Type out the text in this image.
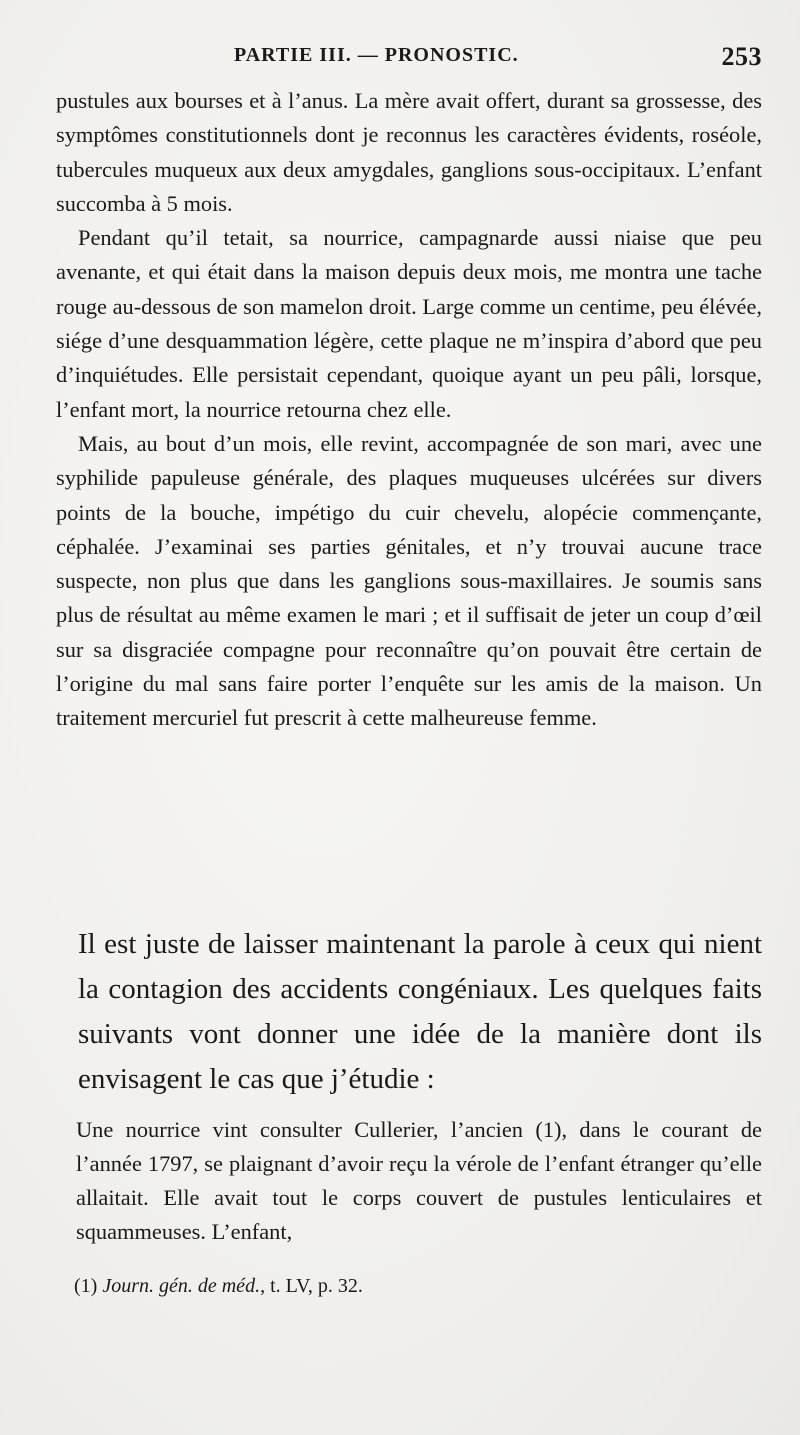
PARTIE III. — PRONOSTIC.	253

pustules aux bourses et à l’anus. La mère avait offert, durant sa grossesse, des symptômes constitutionnels dont je reconnus les caractères évidents, roséole, tubercules muqueux aux deux amygdales, ganglions sous-occipitaux. L’enfant succomba à 5 mois.

Pendant qu’il tetait, sa nourrice, campagnarde aussi niaise que peu avenante, et qui était dans la maison depuis deux mois, me montra une tache rouge au-dessous de son mamelon droit. Large comme un centime, peu élévée, siége d’une desquammation légère, cette plaque ne m’inspira d’abord que peu d’inquiétudes. Elle persistait cependant, quoique ayant un peu pâli, lorsque, l’enfant mort, la nourrice retourna chez elle.

Mais, au bout d’un mois, elle revint, accompagnée de son mari, avec une syphilide papuleuse générale, des plaques muqueuses ulcérées sur divers points de la bouche, impétigo du cuir chevelu, alopécie commençante, céphalée. J’examinai ses parties génitales, et n’y trouvai aucune trace suspecte, non plus que dans les ganglions sous-maxillaires. Je soumis sans plus de résultat au même examen le mari ; et il suffisait de jeter un coup d’œil sur sa disgraciée compagne pour reconnaître qu’on pouvait être certain de l’origine du mal sans faire porter l’enquête sur les amis de la maison. Un traitement mercuriel fut prescrit à cette malheureuse femme.

Il est juste de laisser maintenant la parole à ceux qui nient la contagion des accidents congéniaux. Les quelques faits suivants vont donner une idée de la manière dont ils envisagent le cas que j’étudie :

Une nourrice vint consulter Cullerier, l’ancien (1), dans le courant de l’année 1797, se plaignant d’avoir reçu la vérole de l’enfant étranger qu’elle allaitait. Elle avait tout le corps couvert de pustules lenticulaires et squammeuses. L’enfant,

(1) Journ. gén. de méd., t. LV, p. 32.
